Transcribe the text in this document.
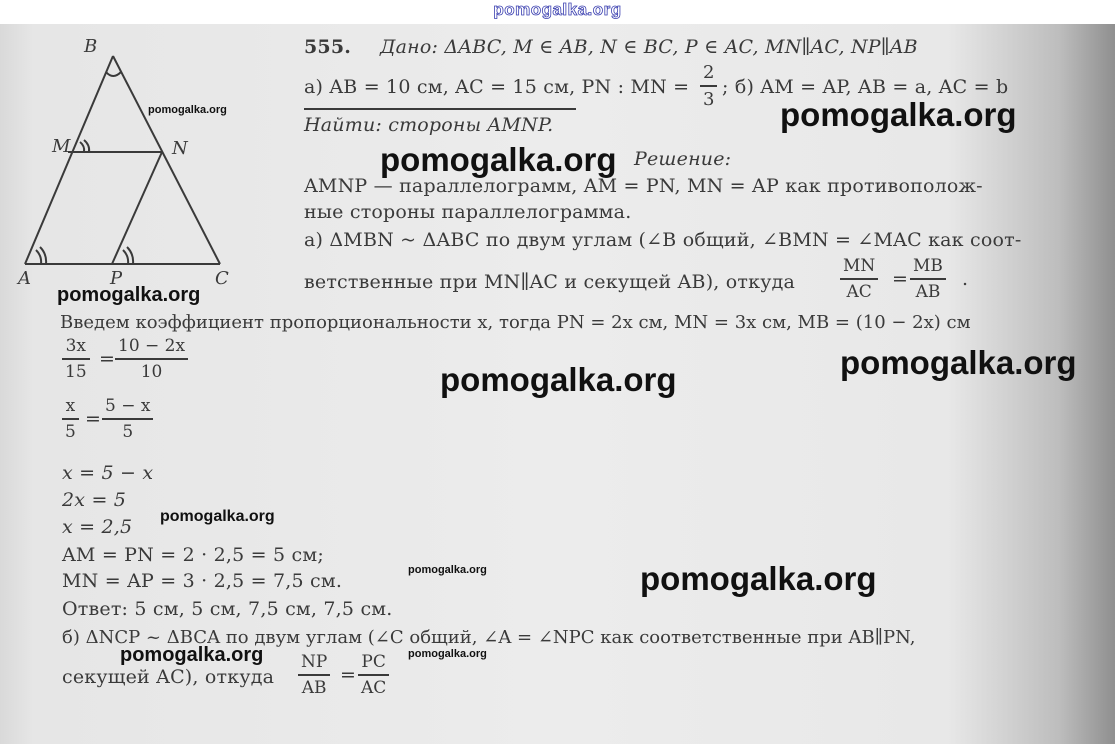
pomogalka.org
B
M	N
A	P	C
555. Дано: ΔABC, M ∈ AB, N ∈ BC, P ∈ AC, MN∥AC, NP∥AB
а) AB = 10 см, AC = 15 см, PN : MN =
2
3
; б) AM = AP, AB = a, AC = b
Найти: стороны AMNP.
Решение:
AMNP — параллелограмм, AM = PN, MN = AP как противополож-
ные стороны параллелограмма.
а) ΔMBN ~ ΔABC по двум углам (∠B общий, ∠BMN = ∠MAC как соот-
ветственные при MN∥AC и секущей AB), откуда
MN
AC
=
MB
AB
.
Введем коэффициент пропорциональности x, тогда PN = 2x см, MN = 3x см, MB = (10 − 2x) см
3x
15
=
10 − 2x
10
x
5
=
5 − x
5
x = 5 − x
2x = 5
x = 2,5
AM = PN = 2 · 2,5 = 5 см;
MN = AP = 3 · 2,5 = 7,5 см.
Ответ: 5 см, 5 см, 7,5 см, 7,5 см.
б) ΔNCP ~ ΔBCA по двум углам (∠C общий, ∠A = ∠NPC как соответственные при AB∥PN,
секущей AC), откуда
NP
AB
=
PC
AC
pomogalka.org	pomogalka.org
pomogalka.org
pomogalka.org
pomogalka.org
pomogalka.org
pomogalka.org
pomogalka.org	pomogalka.org
pomogalka.org	pomogalka.org
